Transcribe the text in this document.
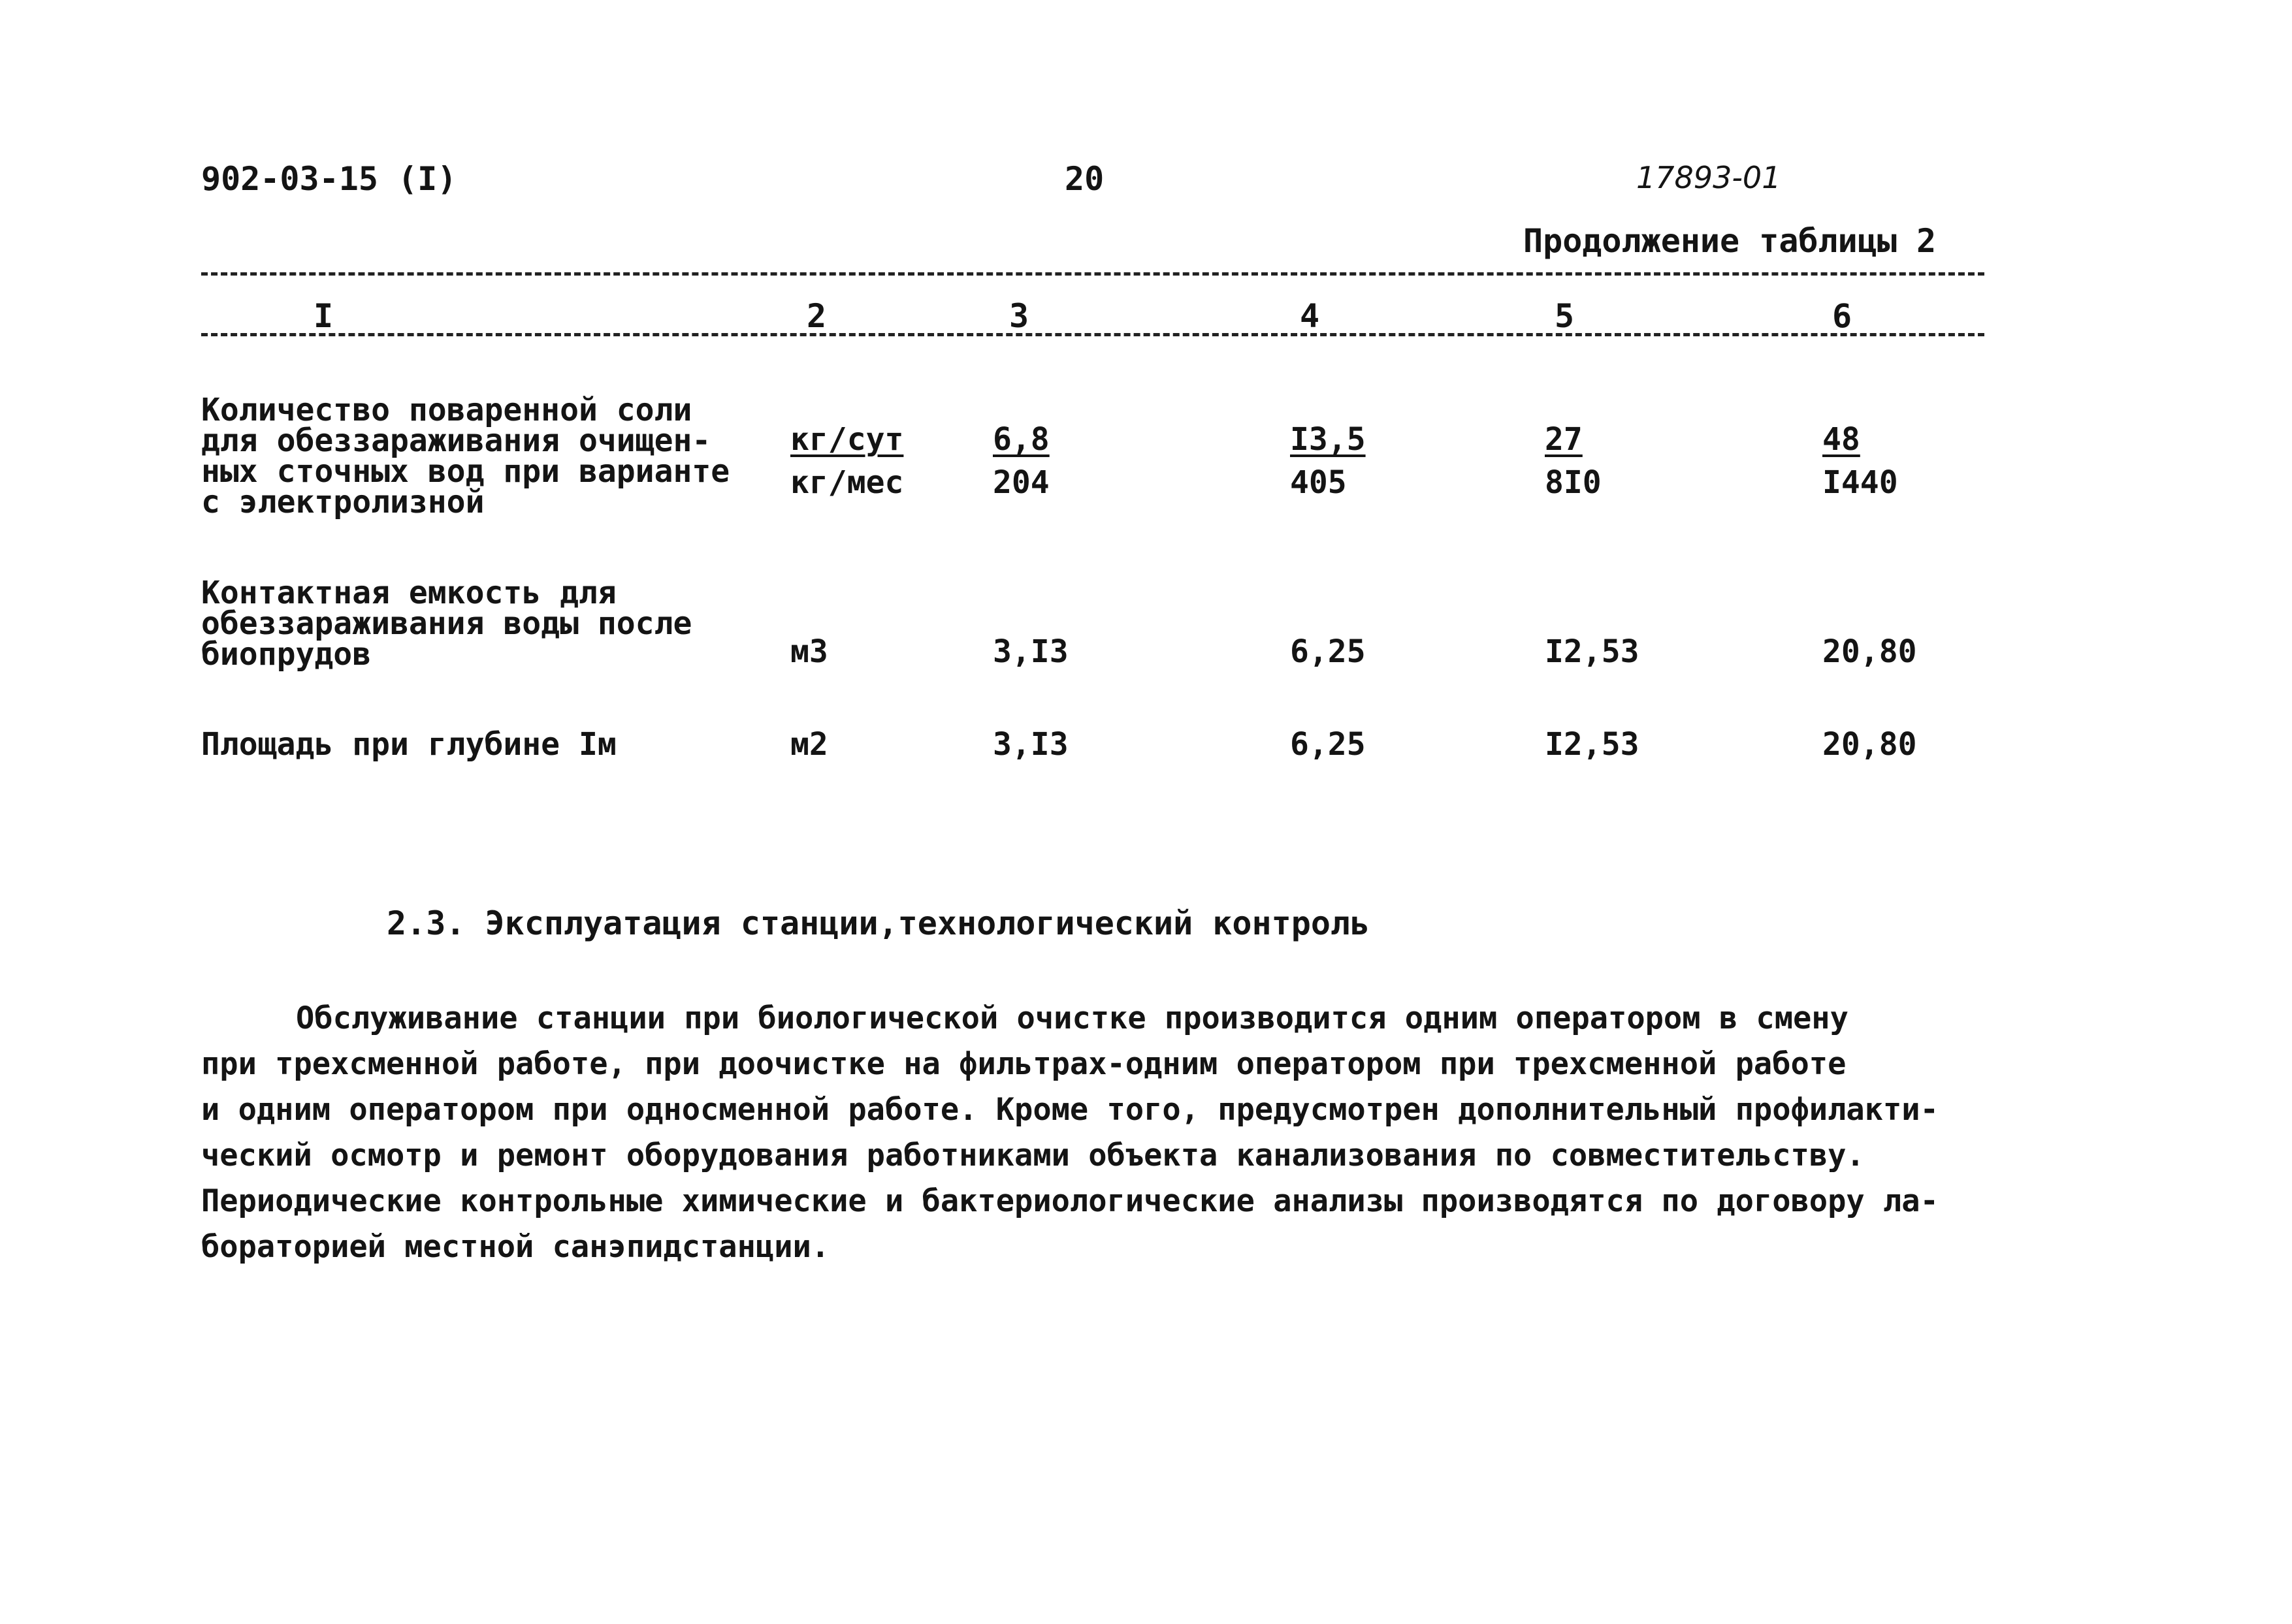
902-03-15 (I)	20	17893-01
Продолжение таблицы 2
I	2	3	4	5	6
Количество поваренной соли
для обеззараживания очищен-
ных сточных вод при варианте
с электролизной
кг/сут
кг/мес	$\frac{6,8}{204}$	$\frac{I3,5}{405}$	$\frac{27}{8I0}$	$\frac{48}{I440}$
Контактная емкость для
обеззараживания воды после
биопрудов	м3	3,I3	6,25	I2,53	20,80
Площадь при глубине Iм	м2	3,I3	6,25	I2,53	20,80
2.3. Эксплуатация станции,технологический контроль
Обслуживание станции при биологической очистке производится одним оператором в смену
при трехсменной работе, при доочистке на фильтрах-одним оператором при трехсменной работе
и одним оператором при односменной работе. Кроме того, предусмотрен дополнительный профилакти-
ческий осмотр и ремонт оборудования работниками объекта канализования по совместительству.
Периодические контрольные химические и бактериологические анализы производятся по договору ла-
бораторией местной санэпидстанции.
